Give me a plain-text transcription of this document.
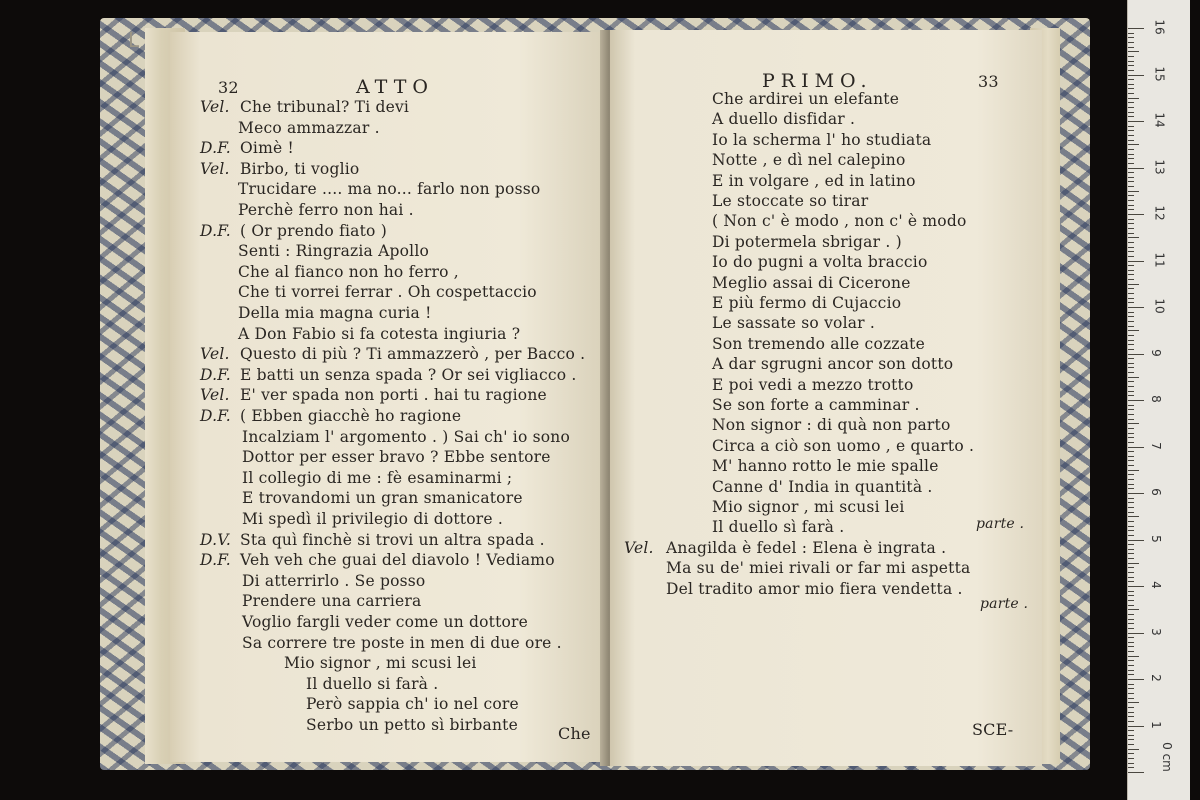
L
32	ATTO
Che
Vel. Che tribunal? Ti devi
Meco ammazzar .
D.F. Oimè !
Vel. Birbo, ti voglio
Trucidare .... ma no... farlo non posso
Perchè ferro non hai .
D.F. ( Or prendo fiato )
Senti : Ringrazia Apollo
Che al fianco non ho ferro ,
Che ti vorrei ferrar . Oh cospettaccio
Della mia magna curia !
A Don Fabio si fa cotesta ingiuria ?
Vel. Questo di più ? Ti ammazzerò , per Bacco .
D.F. E batti un senza spada ? Or sei vigliacco .
Vel. E' ver spada non porti . hai tu ragione
D.F. ( Ebben giacchè ho ragione
Incalziam l' argomento . ) Sai ch' io sono
Dottor per esser bravo ? Ebbe sentore
Il collegio di me : fè esaminarmi ;
E trovandomi un gran smanicatore
Mi spedì il privilegio di dottore .
D.V. Sta quì finchè si trovi un altra spada .
D.F. Veh veh che guai del diavolo ! Vediamo
Di atterrirlo . Se posso
Prendere una carriera
Voglio fargli veder come un dottore
Sa correre tre poste in men di due ore .
Mio signor , mi scusi lei
Il duello si farà .
Però sappia ch' io nel core
Serbo un petto sì birbante
PRIMO.	33
parte .
parte .
SCE-
Che ardirei un elefante
A duello disfidar .
Io la scherma l' ho studiata
Notte , e dì nel calepino
E in volgare , ed in latino
Le stoccate so tirar
( Non c' è modo , non c' è modo
Di potermela sbrigar . )
Io do pugni a volta braccio
Meglio assai di Cicerone
E più fermo di Cujaccio
Le sassate so volar .
Son tremendo alle cozzate
A dar sgrugni ancor son dotto
E poi vedi a mezzo trotto
Se son forte a camminar .
Non signor : di quà non parto
Circa a ciò son uomo , e quarto .
M' hanno rotto le mie spalle
Canne d' India in quantità .
Mio signor , mi scusi lei
Il duello sì farà .
Vel. Anagilda è fedel : Elena è ingrata .
Ma su de' miei rivali or far mi aspetta
Del tradito amor mio fiera vendetta .
16
15
14
13
12
11
10
9
8
7
6
5
4
3
2
1
0 cm
